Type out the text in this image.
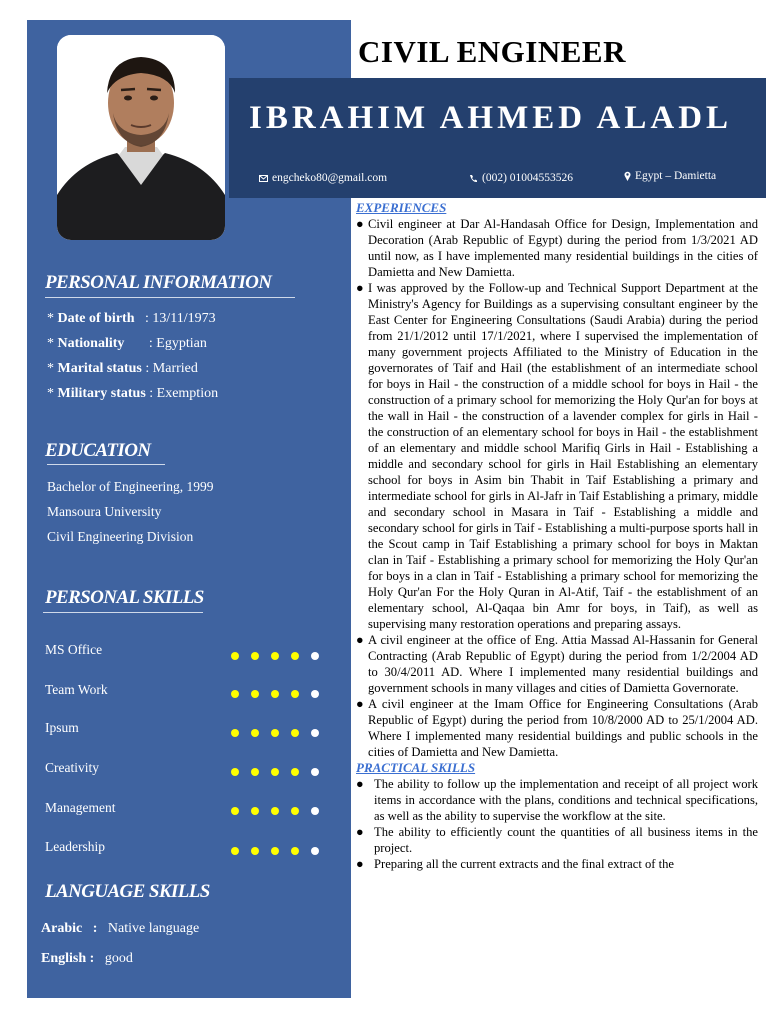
PERSONAL INFORMATION
* Date of birth : 13/11/1973
* Nationality : Egyptian
* Marital status : Married
* Military status : Exemption
EDUCATION
Bachelor of Engineering, 1999
Mansoura University
Civil Engineering Division
PERSONAL SKILLS
MS Office
Team Work
Ipsum
Creativity
Management
Leadership
LANGUAGE SKILLS
Arabic : Native language
English : good
CIVIL ENGINEER
IBRAHIM AHMED ALADL
engcheko80@gmail.com	(002) 01004553526	Egypt – Damietta
EXPERIENCES
● Civil engineer at Dar Al-Handasah Office for Design, Implementation and Decoration (Arab Republic of Egypt) during the period from 1/3/2021 AD until now, as I have implemented many residential buildings in the cities of Damietta and New Damietta.
● I was approved by the Follow-up and Technical Support Department at the Ministry's Agency for Buildings as a supervising consultant engineer by the East Center for Engineering Consultations (Saudi Arabia) during the period from 21/1/2012 until 17/1/2021, where I supervised the implementation of many government projects Affiliated to the Ministry of Education in the governorates of Taif and Hail (the establishment of an intermediate school for boys in Hail - the construction of a middle school for boys in Hail - the construction of a primary school for memorizing the Holy Qur'an for boys at the wall in Hail - the construction of a lavender complex for girls in Hail - the construction of an elementary school for boys in Hail - the establishment of an elementary and middle school Marifiq Girls in Hail - Establishing a middle and secondary school for girls in Hail Establishing an elementary school for boys in Asim bin Thabit in Taif Establishing a primary and intermediate school for girls in Al-Jafr in Taif Establishing a primary, middle and secondary school in Masara in Taif - Establishing a middle and secondary school for girls in Taif - Establishing a multi-purpose sports hall in the Scout camp in Taif Establishing a primary school for boys in Maktan clan in Taif - Establishing a primary school for memorizing the Holy Qur'an for boys in a clan in Taif - Establishing a primary school for memorizing the Holy Qur'an For the Holy Quran in Al-Atif, Taif - the establishment of an elementary school, Al-Qaqaa bin Amr for boys, in Taif), as well as supervising many restoration operations and preparing assays.
● A civil engineer at the office of Eng. Attia Massad Al-Hassanin for General Contracting (Arab Republic of Egypt) during the period from 1/2/2004 AD to 30/4/2011 AD. Where I implemented many residential buildings and government schools in many villages and cities of Damietta Governorate.
● A civil engineer at the Imam Office for Engineering Consultations (Arab Republic of Egypt) during the period from 10/8/2000 AD to 25/1/2004 AD. Where I implemented many residential buildings and public schools in the cities of Damietta and New Damietta.
PRACTICAL SKILLS
● The ability to follow up the implementation and receipt of all project work items in accordance with the plans, conditions and technical specifications, as well as the ability to supervise the workflow at the site.
● The ability to efficiently count the quantities of all business items in the project.
● Preparing all the current extracts and the final extract of the
